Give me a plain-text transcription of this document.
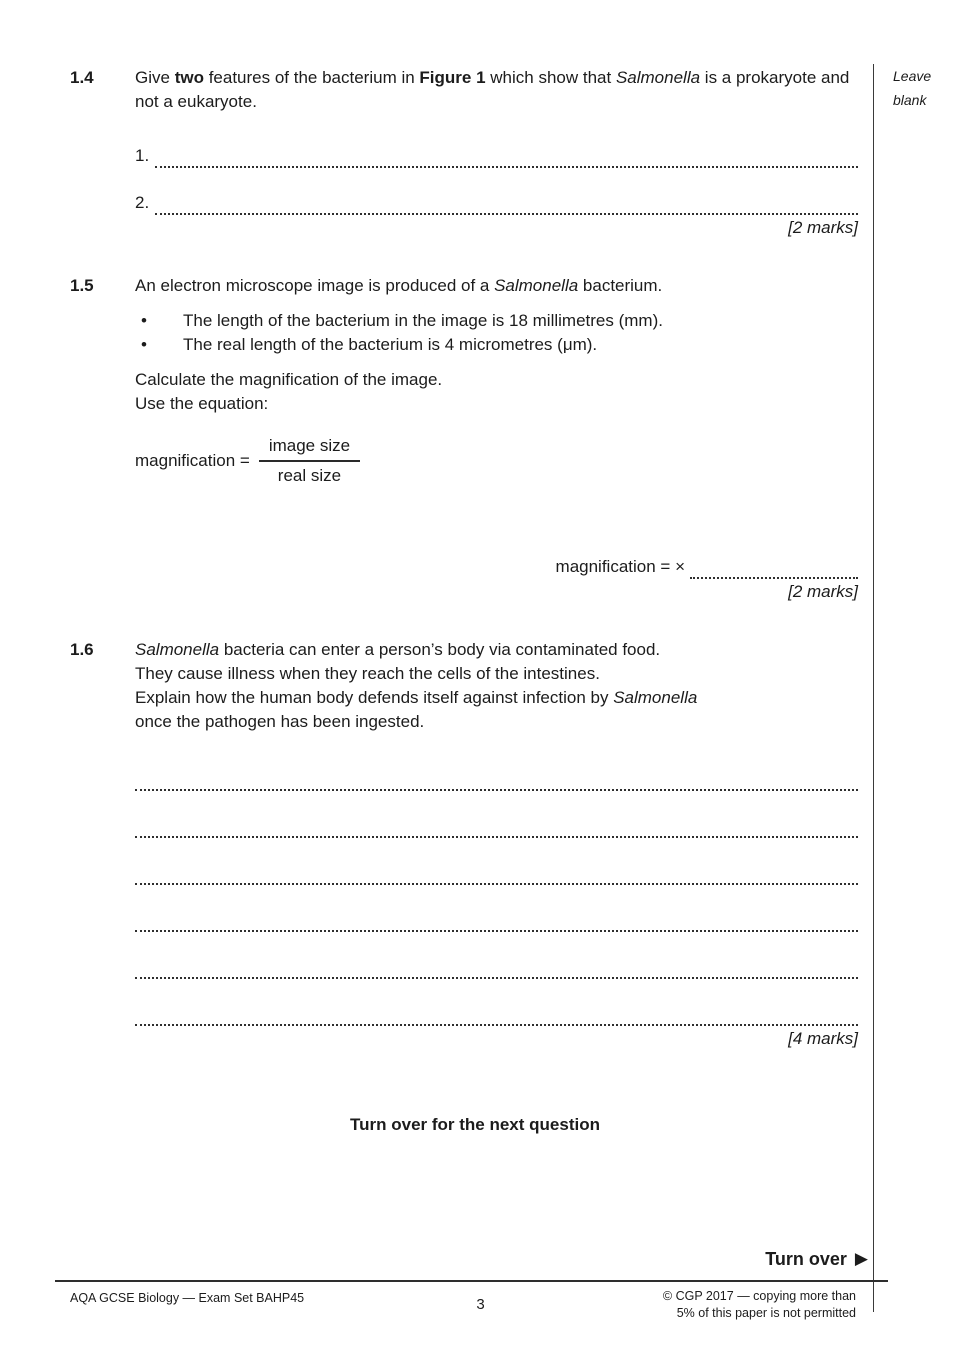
Leave
blank
1.4	Give two features of the bacterium in Figure 1 which show that Salmonella is a prokaryote and not a eukaryote.

1.
2.
[2 marks]
1.5	An electron microscope image is produced of a Salmonella bacterium.

•	The length of the bacterium in the image is 18 millimetres (mm).
•	The real length of the bacterium is 4 micrometres (μm).
Calculate the magnification of the image.
Use the equation:
magnification = $\frac{\text{image size}}{\text{real size}}$
magnification = ×
[2 marks]
1.6	Salmonella bacteria can enter a person’s body via contaminated food.
They cause illness when they reach the cells of the intestines.
Explain how the human body defends itself against infection by Salmonella
once the pathogen has been ingested.
[4 marks]
Turn over for the next question
Turn over ▶
AQA GCSE Biology — Exam Set BAHP45	3	© CGP 2017 — copying more than
5% of this paper is not permitted
